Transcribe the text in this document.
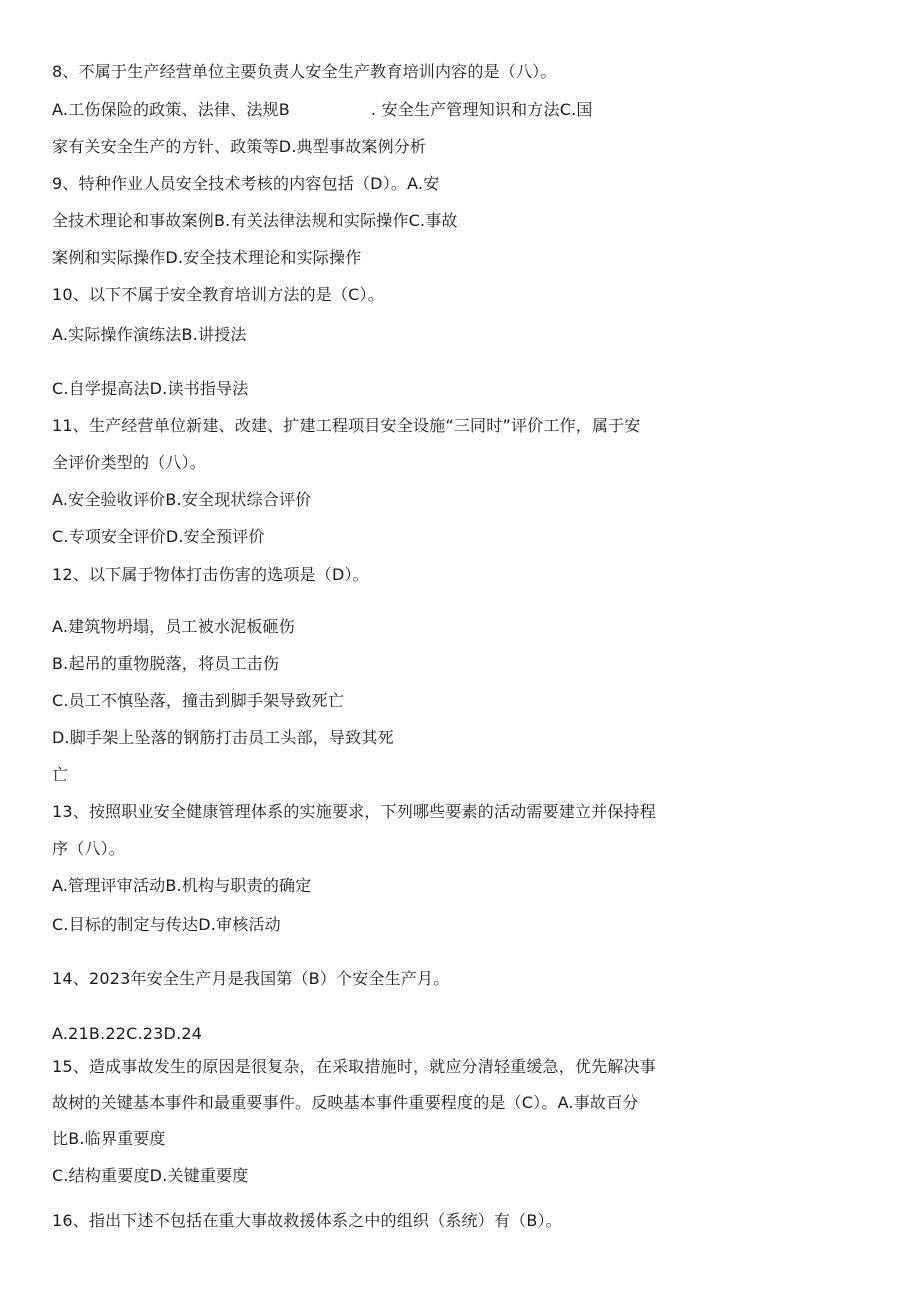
8、不属于生产经营单位主要负责人安全生产教育培训内容的是（八）。
A.工伤保险的政策、法律、法规B　　　　　. 安全生产管理知识和方法C.国
家有关安全生产的方针、政策等D.典型事故案例分析
9、特种作业人员安全技术考核的内容包括（D）。A.安
全技术理论和事故案例B.有关法律法规和实际操作C.事故
案例和实际操作D.安全技术理论和实际操作
10、以下不属于安全教育培训方法的是（C）。
A.实际操作演练法B.讲授法
C.自学提高法D.读书指导法
11、生产经营单位新建、改建、扩建工程项目安全设施“三同时”评价工作，属于安
全评价类型的（八）。
A.安全验收评价B.安全现状综合评价
C.专项安全评价D.安全预评价
12、以下属于物体打击伤害的选项是（D）。
A.建筑物坍塌，员工被水泥板砸伤
B.起吊的重物脱落，将员工击伤
C.员工不慎坠落，撞击到脚手架导致死亡
D.脚手架上坠落的钢筋打击员工头部，导致其死
亡
13、按照职业安全健康管理体系的实施要求，下列哪些要素的活动需要建立并保持程
序（八）。
A.管理评审活动B.机构与职责的确定
C.目标的制定与传达D.审核活动
14、2023年安全生产月是我国第（B）个安全生产月。
A.21B.22C.23D.24
15、造成事故发生的原因是很复杂，在采取措施时，就应分清轻重缓急，优先解决事
故树的关键基本事件和最重要事件。反映基本事件重要程度的是（C）。A.事故百分
比B.临界重要度
C.结构重要度D.关键重要度
16、指出下述不包括在重大事故救援体系之中的组织（系统）有（B）。
